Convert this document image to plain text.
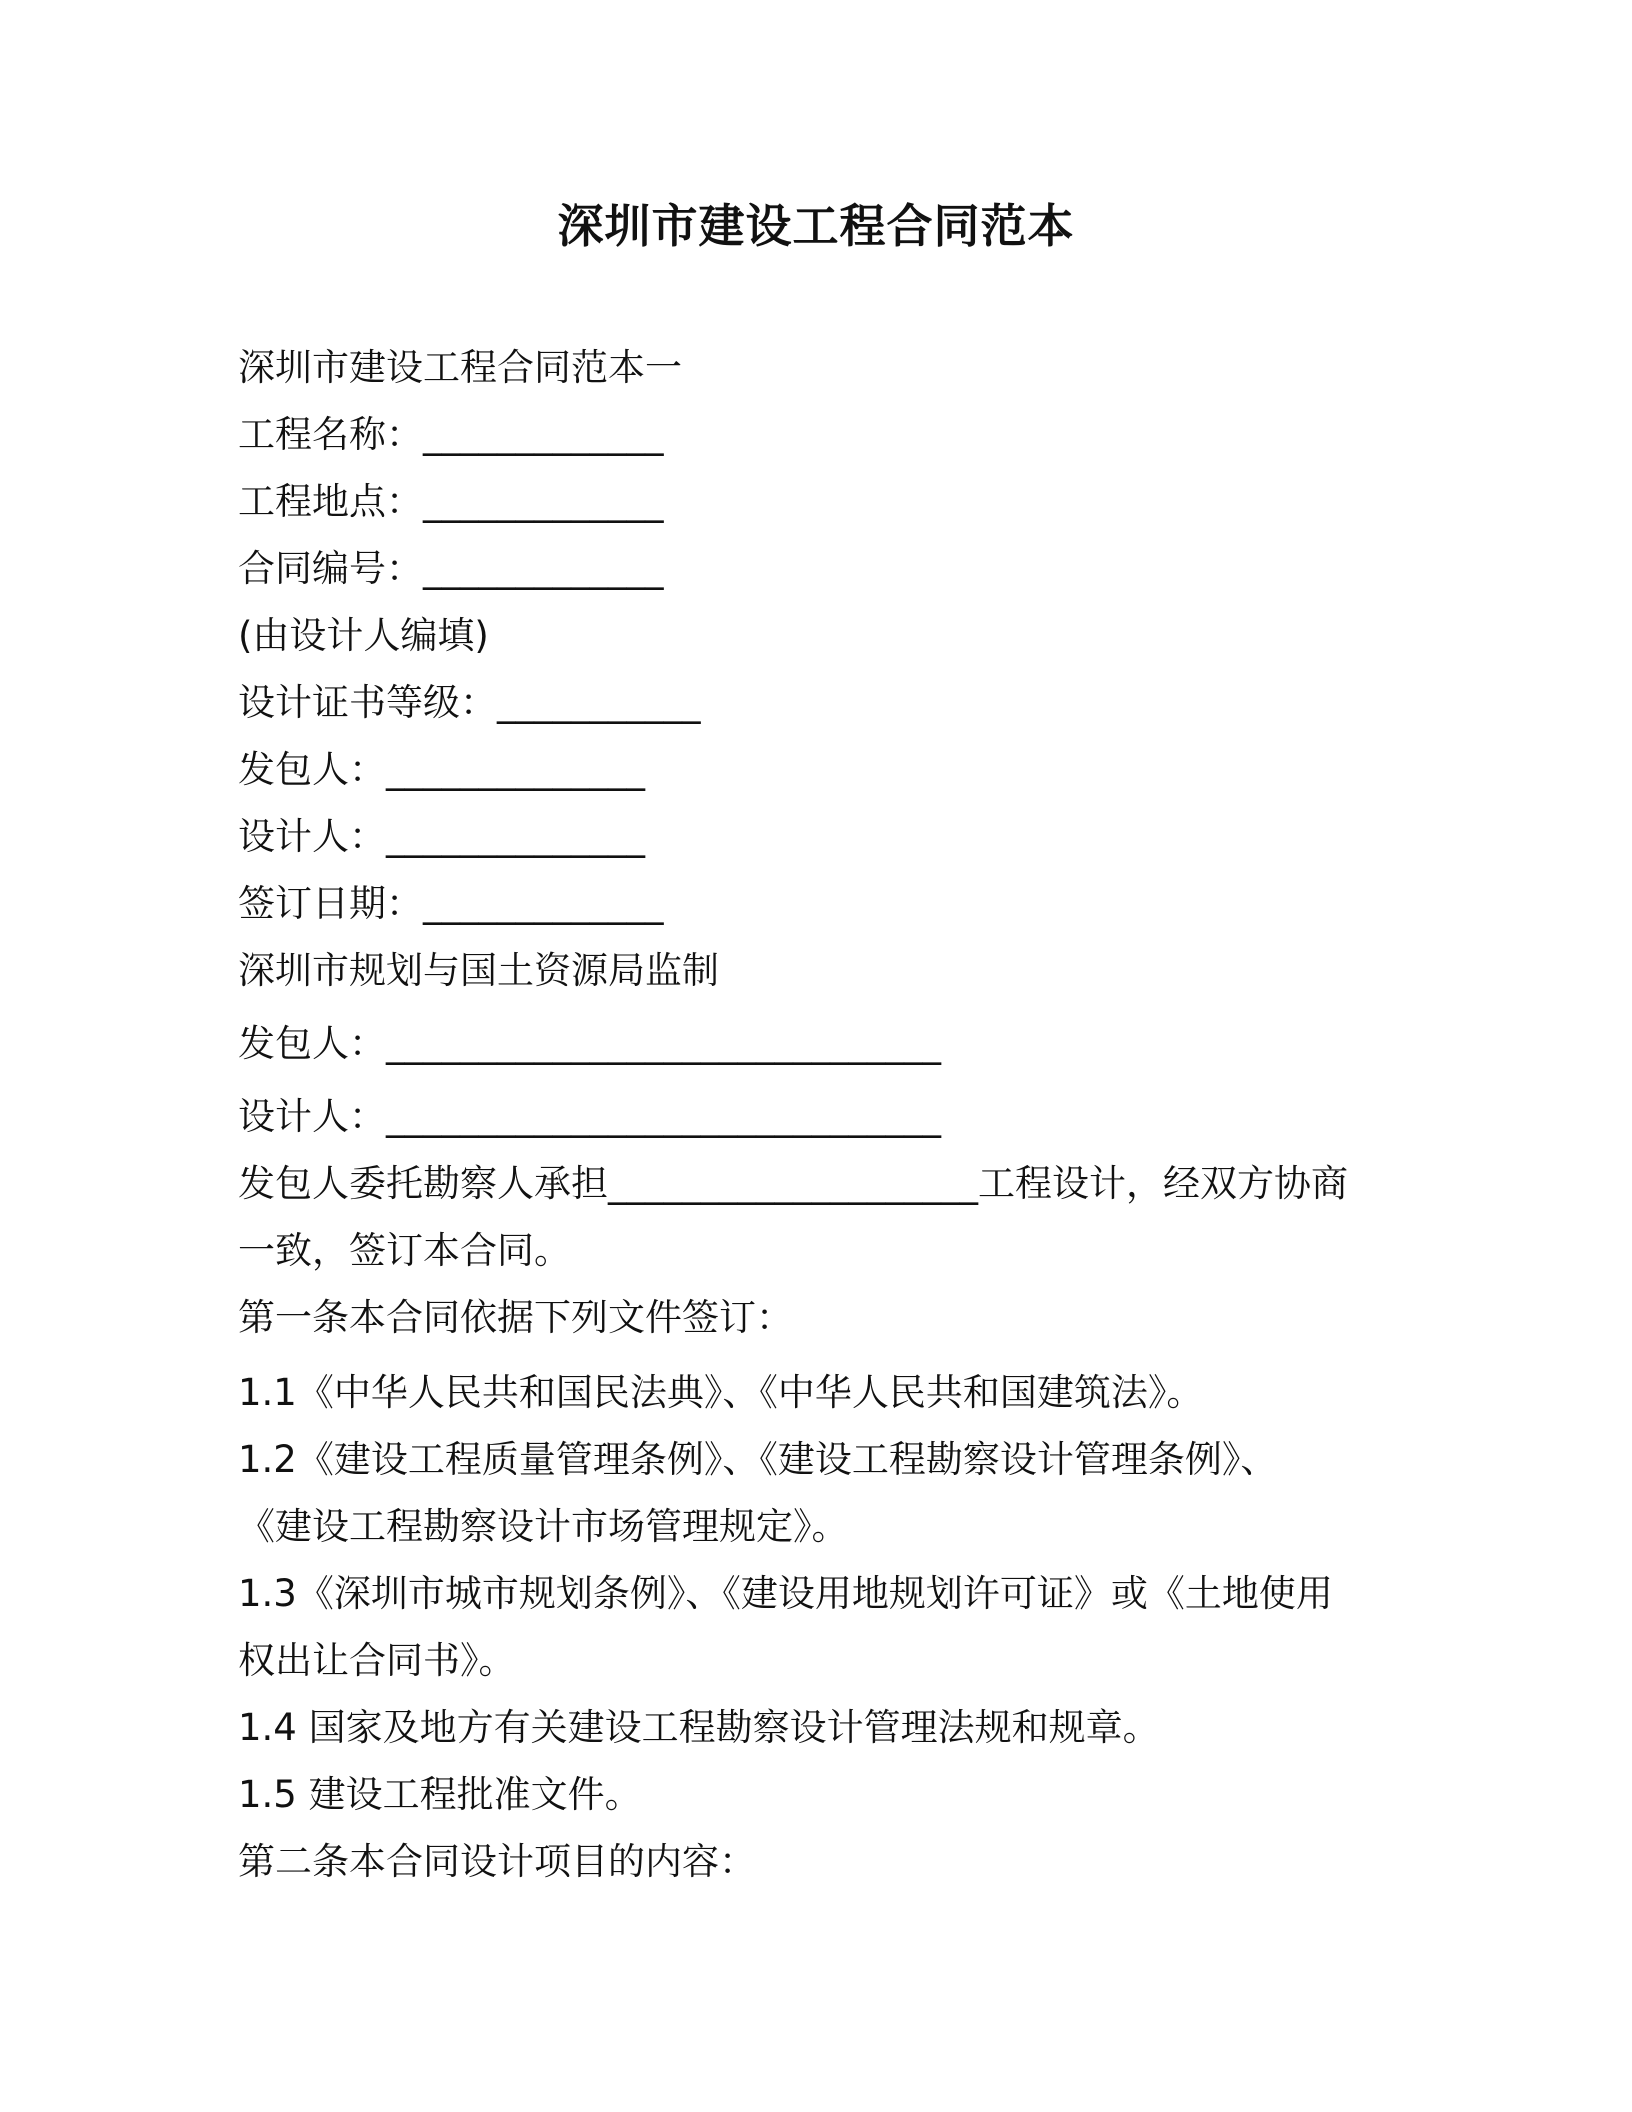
深圳市建设工程合同范本
深圳市建设工程合同范本一
工程名称：_____________
工程地点：_____________
合同编号：_____________
(由设计人编填)
设计证书等级：___________
发包人：______________
设计人：______________
签订日期：_____________
深圳市规划与国土资源局监制
发包人：______________________________
设计人：______________________________
发包人委托勘察人承担____________________工程设计，经双方协商
一致，签订本合同。
第一条本合同依据下列文件签订：
1.1《中华人民共和国民法典》、《中华人民共和国建筑法》。
1.2《建设工程质量管理条例》、《建设工程勘察设计管理条例》、
《建设工程勘察设计市场管理规定》。
1.3《深圳市城市规划条例》、《建设用地规划许可证》或《土地使用
权出让合同书》。
1.4 国家及地方有关建设工程勘察设计管理法规和规章。
1.5 建设工程批准文件。
第二条本合同设计项目的内容：
